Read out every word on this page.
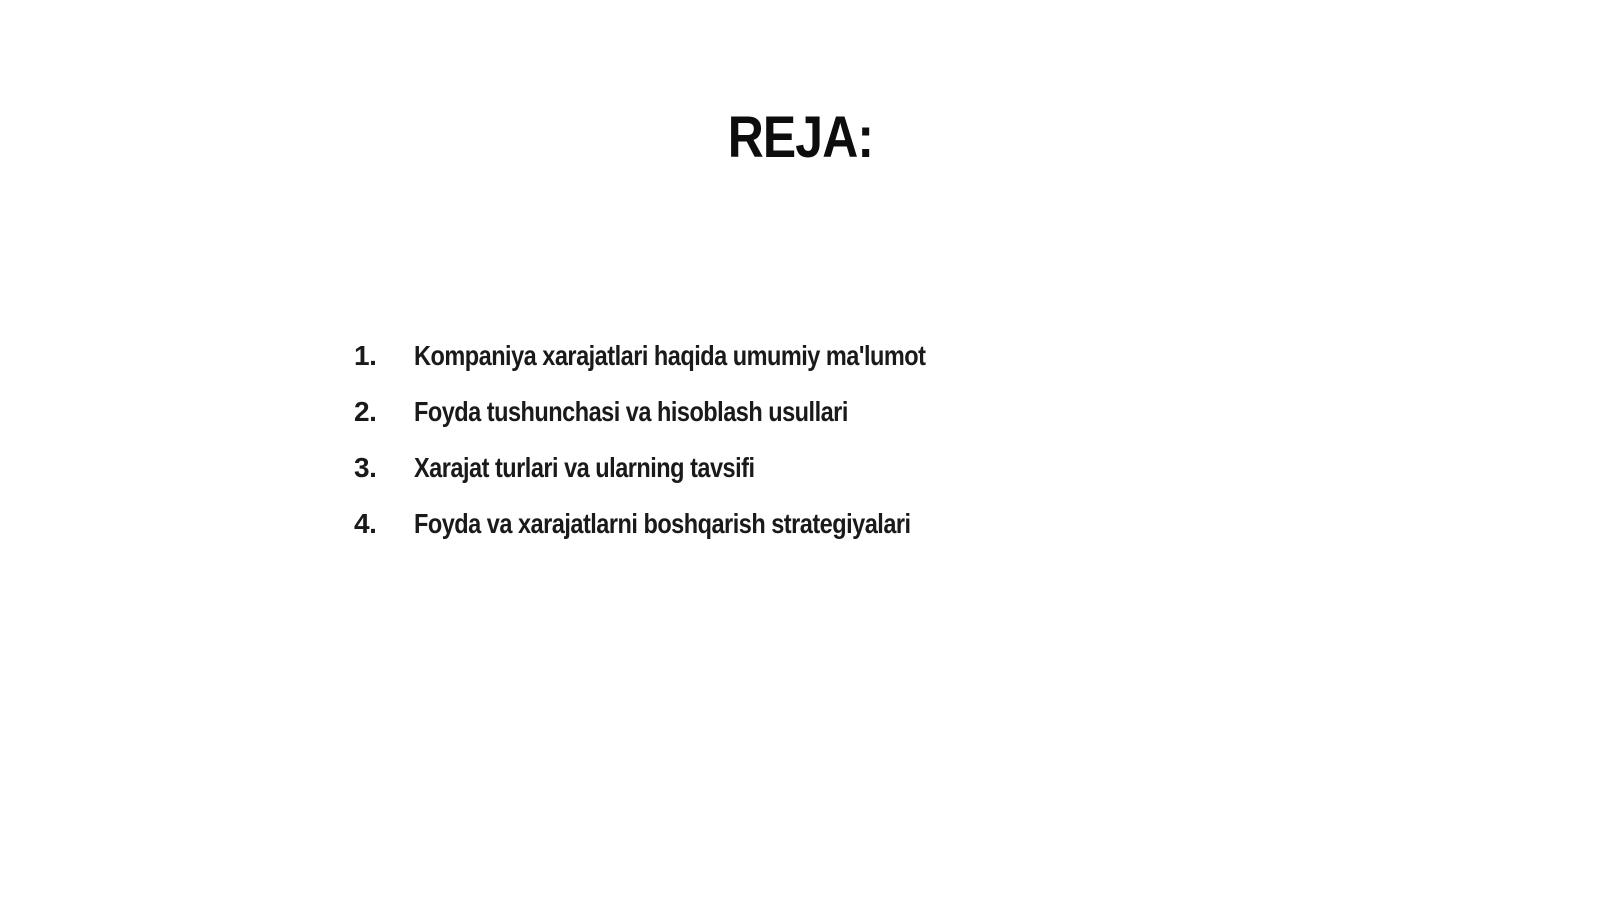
REJA:
1.	Kompaniya xarajatlari haqida umumiy ma'lumot
2.	Foyda tushunchasi va hisoblash usullari
3.	Xarajat turlari va ularning tavsifi
4.	Foyda va xarajatlarni boshqarish strategiyalari
